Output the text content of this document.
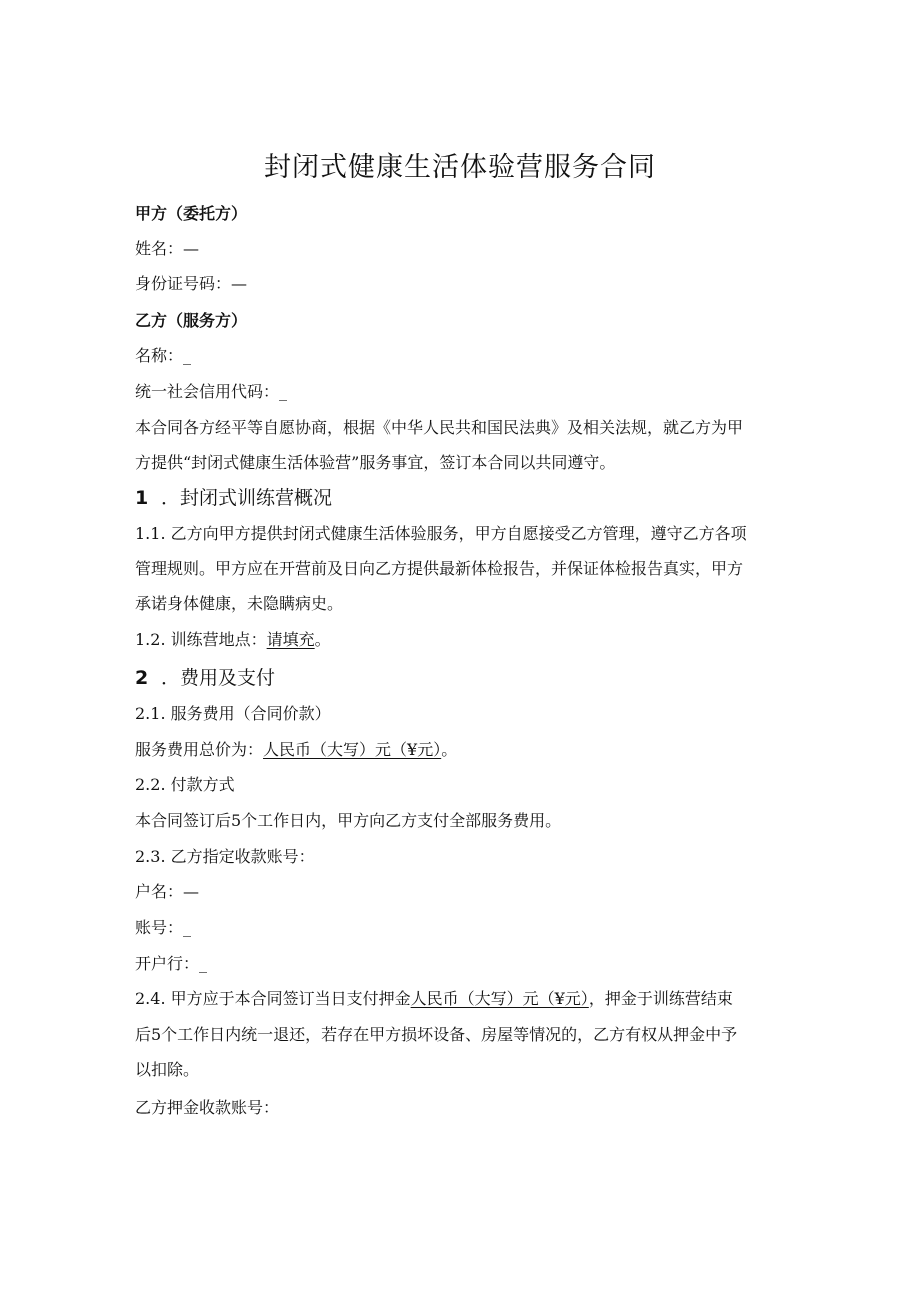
封闭式健康生活体验营服务合同
甲方（委托方）
姓名：—
身份证号码：—
乙方（服务方）
名称：_
统一社会信用代码：_
本合同各方经平等自愿协商，根据《中华人民共和国民法典》及相关法规，就乙方为甲
方提供“封闭式健康生活体验营”服务事宜，签订本合同以共同遵守。
1 ．封闭式训练营概况
1.1. 乙方向甲方提供封闭式健康生活体验服务，甲方自愿接受乙方管理，遵守乙方各项
管理规则。甲方应在开营前及日向乙方提供最新体检报告，并保证体检报告真实，甲方
承诺身体健康，未隐瞒病史。
1.2. 训练营地点：请填充。
2 ．费用及支付
2.1. 服务费用（合同价款）
服务费用总价为：人民币（大写）元（¥元）。
2.2. 付款方式
本合同签订后5个工作日内，甲方向乙方支付全部服务费用。
2.3. 乙方指定收款账号：
户名：—
账号：_
开户行：_
2.4. 甲方应于本合同签订当日支付押金人民币（大写）元（¥元），押金于训练营结束
后5个工作日内统一退还，若存在甲方损坏设备、房屋等情况的，乙方有权从押金中予
以扣除。
乙方押金收款账号：
